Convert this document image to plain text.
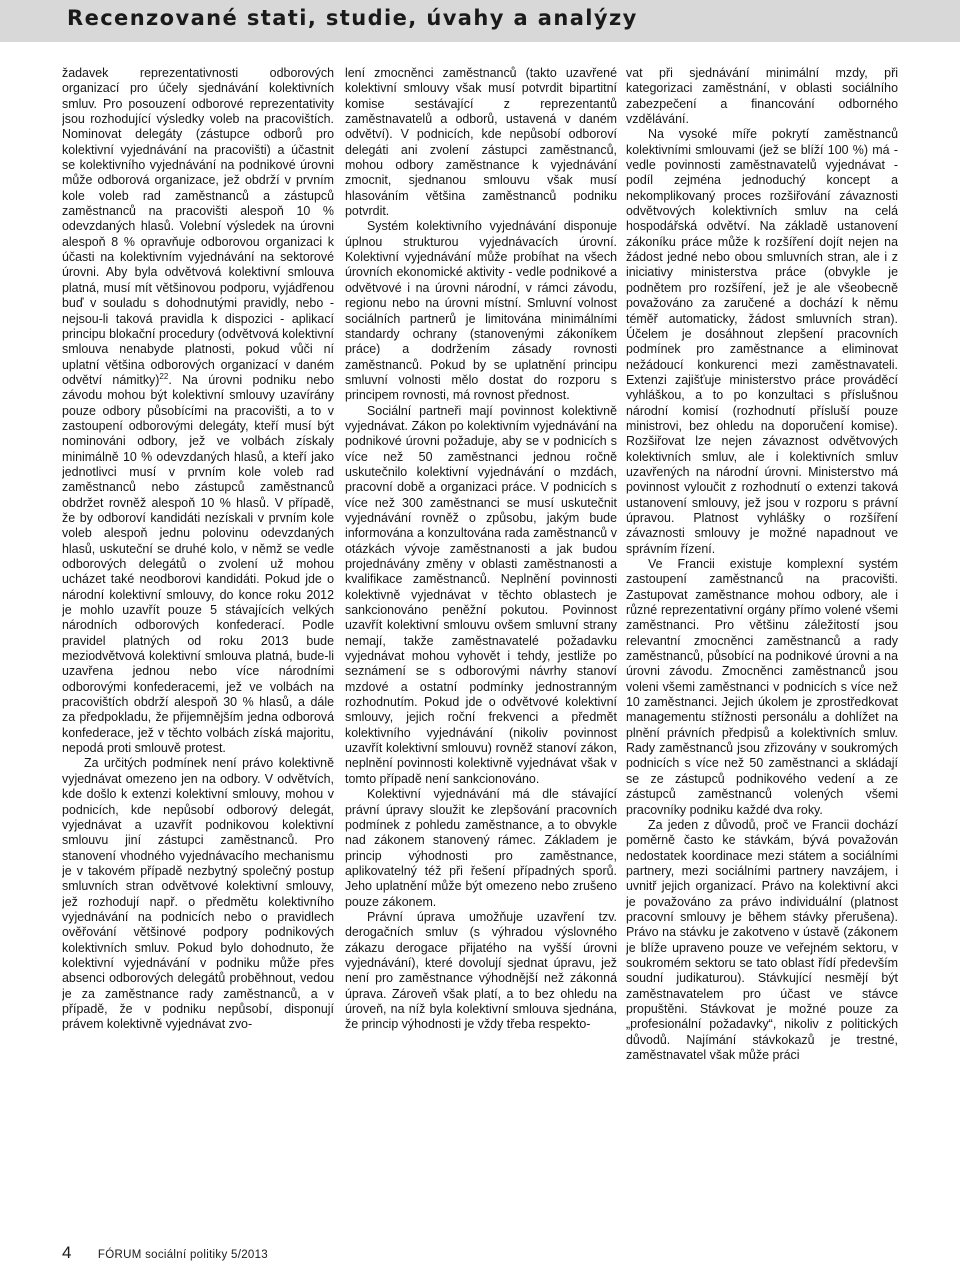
Recenzované stati, studie, úvahy a analýzy

žadavek reprezentativnosti odborových organizací pro účely sjednávání kolektivních smluv. Pro posouzení odborové reprezentativity jsou rozhodující výsledky voleb na pracovištích. Nominovat delegáty (zástupce odborů pro kolektivní vyjednávání na pracovišti) a účastnit se kolektivního vyjednávání na podnikové úrovni může odborová organizace, jež obdrží v prvním kole voleb rad zaměstnanců a zástupců zaměstnanců na pracovišti alespoň 10 % odevzdaných hlasů. Volební výsledek na úrovni alespoň 8 % opravňuje odborovou organizaci k účasti na kolektivním vyjednávání na sektorové úrovni. Aby byla odvětvová kolektivní smlouva platná, musí mít většinovou podporu, vyjádřenou buď v souladu s dohodnutými pravidly, nebo - nejsou-li taková pravidla k dispozici - aplikací principu blokační procedury (odvětvová kolektivní smlouva nenabyde platnosti, pokud vůči ní uplatní většina odborových organizací v daném odvětví námitky)$^{22}$. Na úrovni podniku nebo závodu mohou být kolektivní smlouvy uzavírány pouze odbory působícími na pracovišti, a to v zastoupení odborovými delegáty, kteří musí být nominováni odbory, jež ve volbách získaly minimálně 10 % odevzdaných hlasů, a kteří jako jednotlivci musí v prvním kole voleb rad zaměstnanců nebo zástupců zaměstnanců obdržet rovněž alespoň 10 % hlasů. V případě, že by odboroví kandidáti nezískali v prvním kole voleb alespoň jednu polovinu odevzdaných hlasů, uskuteční se druhé kolo, v němž se vedle odborových delegátů o zvolení už mohou ucházet také neodborovi kandidáti. Pokud jde o národní kolektivní smlouvy, do konce roku 2012 je mohlo uzavřít pouze 5 stávajících velkých národních odborových konfederací. Podle pravidel platných od roku 2013 bude meziodvětvová kolektivní smlouva platná, bude-li uzavřena jednou nebo více národními odborovými konfederacemi, jež ve volbách na pracovištích obdrží alespoň 30 % hlasů, a dále za předpokladu, že přijemnějším jedna odborová konfederace, jež v těchto volbách získá majoritu, nepodá proti smlouvě protest.

Za určitých podmínek není právo kolektivně vyjednávat omezeno jen na odbory. V odvětvích, kde došlo k extenzi kolektivní smlouvy, mohou v podnicích, kde nepůsobí odborový delegát, vyjednávat a uzavřít podnikovou kolektivní smlouvu jiní zástupci zaměstnanců. Pro stanovení vhodného vyjednávacího mechanismu je v takovém případě nezbytný společný postup smluvních stran odvětvové kolektivní smlouvy, jež rozhodují např. o předmětu kolektivního vyjednávání na podnicích nebo o pravidlech ověřování většinové podpory podnikových kolektivních smluv. Pokud bylo dohodnuto, že kolektivní vyjednávání v podniku může přes absenci odborových delegátů proběhnout, vedou je za zaměstnance rady zaměstnanců, a v případě, že v podniku nepůsobí, disponují právem kolektivně vyjednávat zvo-

lení zmocněnci zaměstnanců (takto uzavřené kolektivní smlouvy však musí potvrdit bipartitní komise sestávající z reprezentantů zaměstnavatelů a odborů, ustavená v daném odvětví). V podnicích, kde nepůsobí odboroví delegáti ani zvolení zástupci zaměstnanců, mohou odbory zaměstnance k vyjednávání zmocnit, sjednanou smlouvu však musí hlasováním většina zaměstnanců podniku potvrdit.

Systém kolektivního vyjednávání disponuje úplnou strukturou vyjednávacích úrovní. Kolektivní vyjednávání může probíhat na všech úrovních ekonomické aktivity - vedle podnikové a odvětvové i na úrovni národní, v rámci závodu, regionu nebo na úrovni místní. Smluvní volnost sociálních partnerů je limitována minimálními standardy ochrany (stanovenými zákoníkem práce) a dodržením zásady rovnosti zaměstnanců. Pokud by se uplatnění principu smluvní volnosti mělo dostat do rozporu s principem rovnosti, má rovnost přednost.

Sociální partneři mají povinnost kolektivně vyjednávat. Zákon po kolektivním vyjednávání na podnikové úrovni požaduje, aby se v podnicích s více než 50 zaměstnanci jednou ročně uskutečnilo kolektivní vyjednávání o mzdách, pracovní době a organizaci práce. V podnicích s více než 300 zaměstnanci se musí uskutečnit vyjednávání rovněž o způsobu, jakým bude informována a konzultována rada zaměstnanců v otázkách vývoje zaměstnanosti a jak budou projednávány změny v oblasti zaměstnanosti a kvalifikace zaměstnanců. Neplnění povinnosti kolektivně vyjednávat v těchto oblastech je sankcionováno peněžní pokutou. Povinnost uzavřít kolektivní smlouvu ovšem smluvní strany nemají, takže zaměstnavatelé požadavku vyjednávat mohou vyhovět i tehdy, jestliže po seznámení se s odborovými návrhy stanoví mzdové a ostatní podmínky jednostranným rozhodnutím. Pokud jde o odvětvové kolektivní smlouvy, jejich roční frekvenci a předmět kolektivního vyjednávání (nikoliv povinnost uzavřít kolektivní smlouvu) rovněž stanoví zákon, neplnění povinnosti kolektivně vyjednávat však v tomto případě není sankcionováno.

Kolektivní vyjednávání má dle stávající právní úpravy sloužit ke zlepšování pracovních podmínek z pohledu zaměstnance, a to obvykle nad zákonem stanovený rámec. Základem je princip výhodnosti pro zaměstnance, aplikovatelný též při řešení případných sporů. Jeho uplatnění může být omezeno nebo zrušeno pouze zákonem.

Právní úprava umožňuje uzavření tzv. derogačních smluv (s výhradou výslovného zákazu derogace přijatého na vyšší úrovni vyjednávání), které dovolují sjednat úpravu, jež není pro zaměstnance výhodnější než zákonná úprava. Zároveň však platí, a to bez ohledu na úroveň, na níž byla kolektivní smlouva sjednána, že princip výhodnosti je vždy třeba respekto-

vat při sjednávání minimální mzdy, při kategorizaci zaměstnání, v oblasti sociálního zabezpečení a financování odborného vzdělávání.

Na vysoké míře pokrytí zaměstnanců kolektivními smlouvami (jež se blíží 100 %) má - vedle povinnosti zaměstnavatelů vyjednávat - podíl zejména jednoduchý koncept a nekomplikovaný proces rozšiřování závaznosti odvětvových kolektivních smluv na celá hospodářská odvětví. Na základě ustanovení zákoníku práce může k rozšíření dojít nejen na žádost jedné nebo obou smluvních stran, ale i z iniciativy ministerstva práce (obvykle je podnětem pro rozšíření, jež je ale všeobecně považováno za zaručené a dochází k němu téměř automaticky, žádost smluvních stran). Účelem je dosáhnout zlepšení pracovních podmínek pro zaměstnance a eliminovat nežádoucí konkurenci mezi zaměstnavateli. Extenzi zajišťuje ministerstvo práce prováděcí vyhláškou, a to po konzultaci s příslušnou národní komisí (rozhodnutí přísluší pouze ministrovi, bez ohledu na doporučení komise). Rozšiřovat lze nejen závaznost odvětvových kolektivních smluv, ale i kolektivních smluv uzavřených na národní úrovni. Ministerstvo má povinnost vyloučit z rozhodnutí o extenzi taková ustanovení smlouvy, jež jsou v rozporu s právní úpravou. Platnost vyhlášky o rozšíření závaznosti smlouvy je možné napadnout ve správním řízení.

Ve Francii existuje komplexní systém zastoupení zaměstnanců na pracovišti. Zastupovat zaměstnance mohou odbory, ale i různé reprezentativní orgány přímo volené všemi zaměstnanci. Pro většinu záležitostí jsou relevantní zmocněnci zaměstnanců a rady zaměstnanců, působící na podnikové úrovni a na úrovni závodu. Zmocněnci zaměstnanců jsou voleni všemi zaměstnanci v podnicích s více než 10 zaměstnanci. Jejich úkolem je zprostředkovat managementu stížnosti personálu a dohlížet na plnění právních předpisů a kolektivních smluv. Rady zaměstnanců jsou zřizovány v soukromých podnicích s více než 50 zaměstnanci a skládají se ze zástupců podnikového vedení a ze zástupců zaměstnanců volených všemi pracovníky podniku každé dva roky.

Za jeden z důvodů, proč ve Francii dochází poměrně často ke stávkám, bývá považován nedostatek koordinace mezi státem a sociálními partnery, mezi sociálními partnery navzájem, i uvnitř jejich organizací. Právo na kolektivní akci je považováno za právo individuální (platnost pracovní smlouvy je během stávky přerušena). Právo na stávku je zakotveno v ústavě (zákonem je blíže upraveno pouze ve veřejném sektoru, v soukromém sektoru se tato oblast řídí především soudní judikaturou). Stávkující nesmějí být zaměstnavatelem pro účast ve stávce propuštěni. Stávkovat je možné pouze za „profesionální požadavky“, nikoliv z politických důvodů. Najímání stávkokazů je trestné, zaměstnavatel však může práci

4 FÓRUM sociální politiky 5/2013
